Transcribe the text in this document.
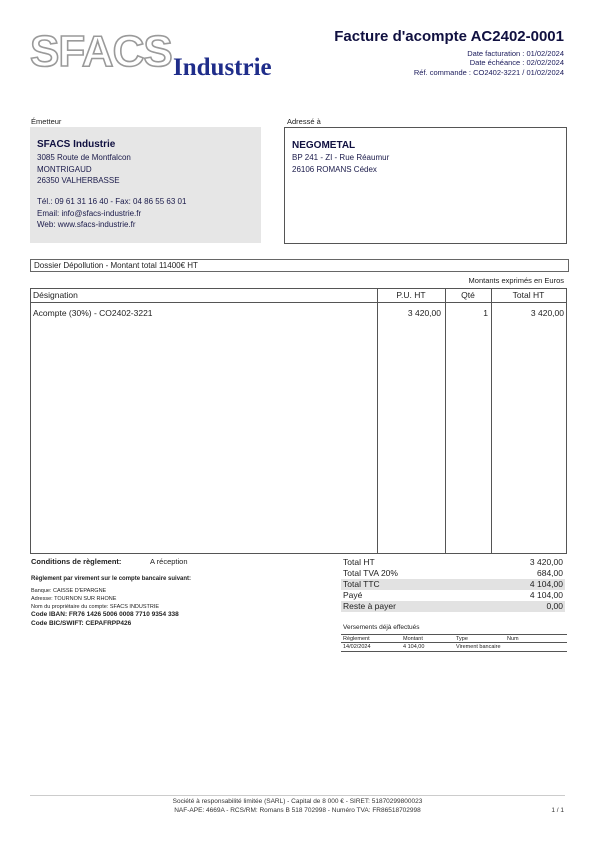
SFACS Industrie
Facture d'acompte AC2402-0001
Date facturation : 01/02/2024
Date échéance : 02/02/2024
Réf. commande : CO2402-3221 / 01/02/2024
Émetteur
SFACS Industrie
3085 Route de Montfalcon
MONTRIGAUD
26350 VALHERBASSE
Tél.: 09 61 31 16 40 - Fax: 04 86 55 63 01
Email: info@sfacs-industrie.fr
Web: www.sfacs-industrie.fr
Adressé à
NEGOMETAL
BP 241 - ZI - Rue Réaumur
26106 ROMANS Cédex
Dossier Dépollution - Montant total 11400€ HT
Montants exprimés en Euros
Désignation	P.U. HT	Qté	Total HT
Acompte (30%) - CO2402-3221	3 420,00	1	3 420,00
Conditions de règlement:	A réception
Règlement par virement sur le compte bancaire suivant:
Banque: CAISSE D'EPARGNE
Adresse: TOURNON SUR RHONE
Nom du propriétaire du compte: SFACS INDUSTRIE
Code IBAN: FR76 1426 5006 0008 7710 9354 338
Code BIC/SWIFT: CEPAFRPP426
Total HT	3 420,00
Total TVA 20%	684,00
Total TTC	4 104,00
Payé	4 104,00
Reste à payer	0,00
Versements déjà effectués
Règlement	Montant	Type	Num
14/02/2024	4 104,00	Virement bancaire
Société à responsabilité limitée (SARL) - Capital de 8 000 € - SIRET: 51870299800023
NAF-APE: 4669A - RCS/RM: Romans B 518 702998 - Numéro TVA: FR86518702998	1 / 1
